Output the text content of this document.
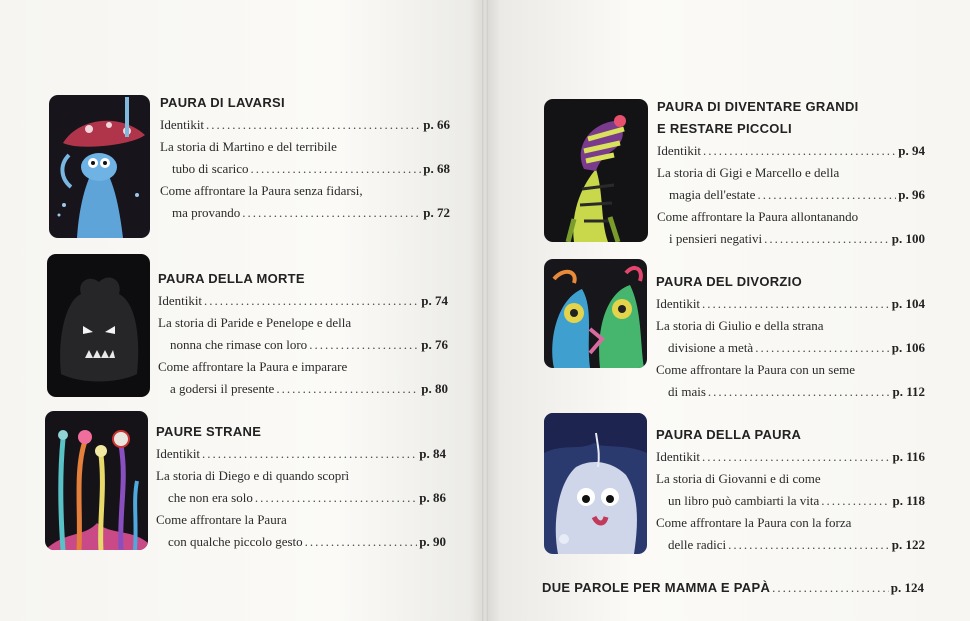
PAURA DI LAVARSI
Identikit .....	p. 66
La storia di Martino e del terribile
tubo di scarico .....	p. 68
Come affrontare la Paura senza fidarsi,
ma provando .....	p. 72
PAURA DELLA MORTE
Identikit .....	p. 74
La storia di Paride e Penelope e della
nonna che rimase con loro .....	p. 76
Come affrontare la Paura e imparare
a godersi il presente .....	p. 80
PAURE STRANE
Identikit .....	p. 84
La storia di Diego e di quando scoprì
che non era solo .....	p. 86
Come affrontare la Paura
con qualche piccolo gesto .....	p. 90
PAURA DI DIVENTARE GRANDI
E RESTARE PICCOLI
Identikit .....	p. 94
La storia di Gigi e Marcello e della
magia dell'estate .....	p. 96
Come affrontare la Paura allontanando
i pensieri negativi .....	p. 100
PAURA DEL DIVORZIO
Identikit .....	p. 104
La storia di Giulio e della strana
divisione a metà .....	p. 106
Come affrontare la Paura con un seme
di mais .....	p. 112
PAURA DELLA PAURA
Identikit .....	p. 116
La storia di Giovanni e di come
un libro può cambiarti la vita .....	p. 118
Come affrontare la Paura con la forza
delle radici .....	p. 122
DUE PAROLE PER MAMMA E PAPÀ .....	p. 124
